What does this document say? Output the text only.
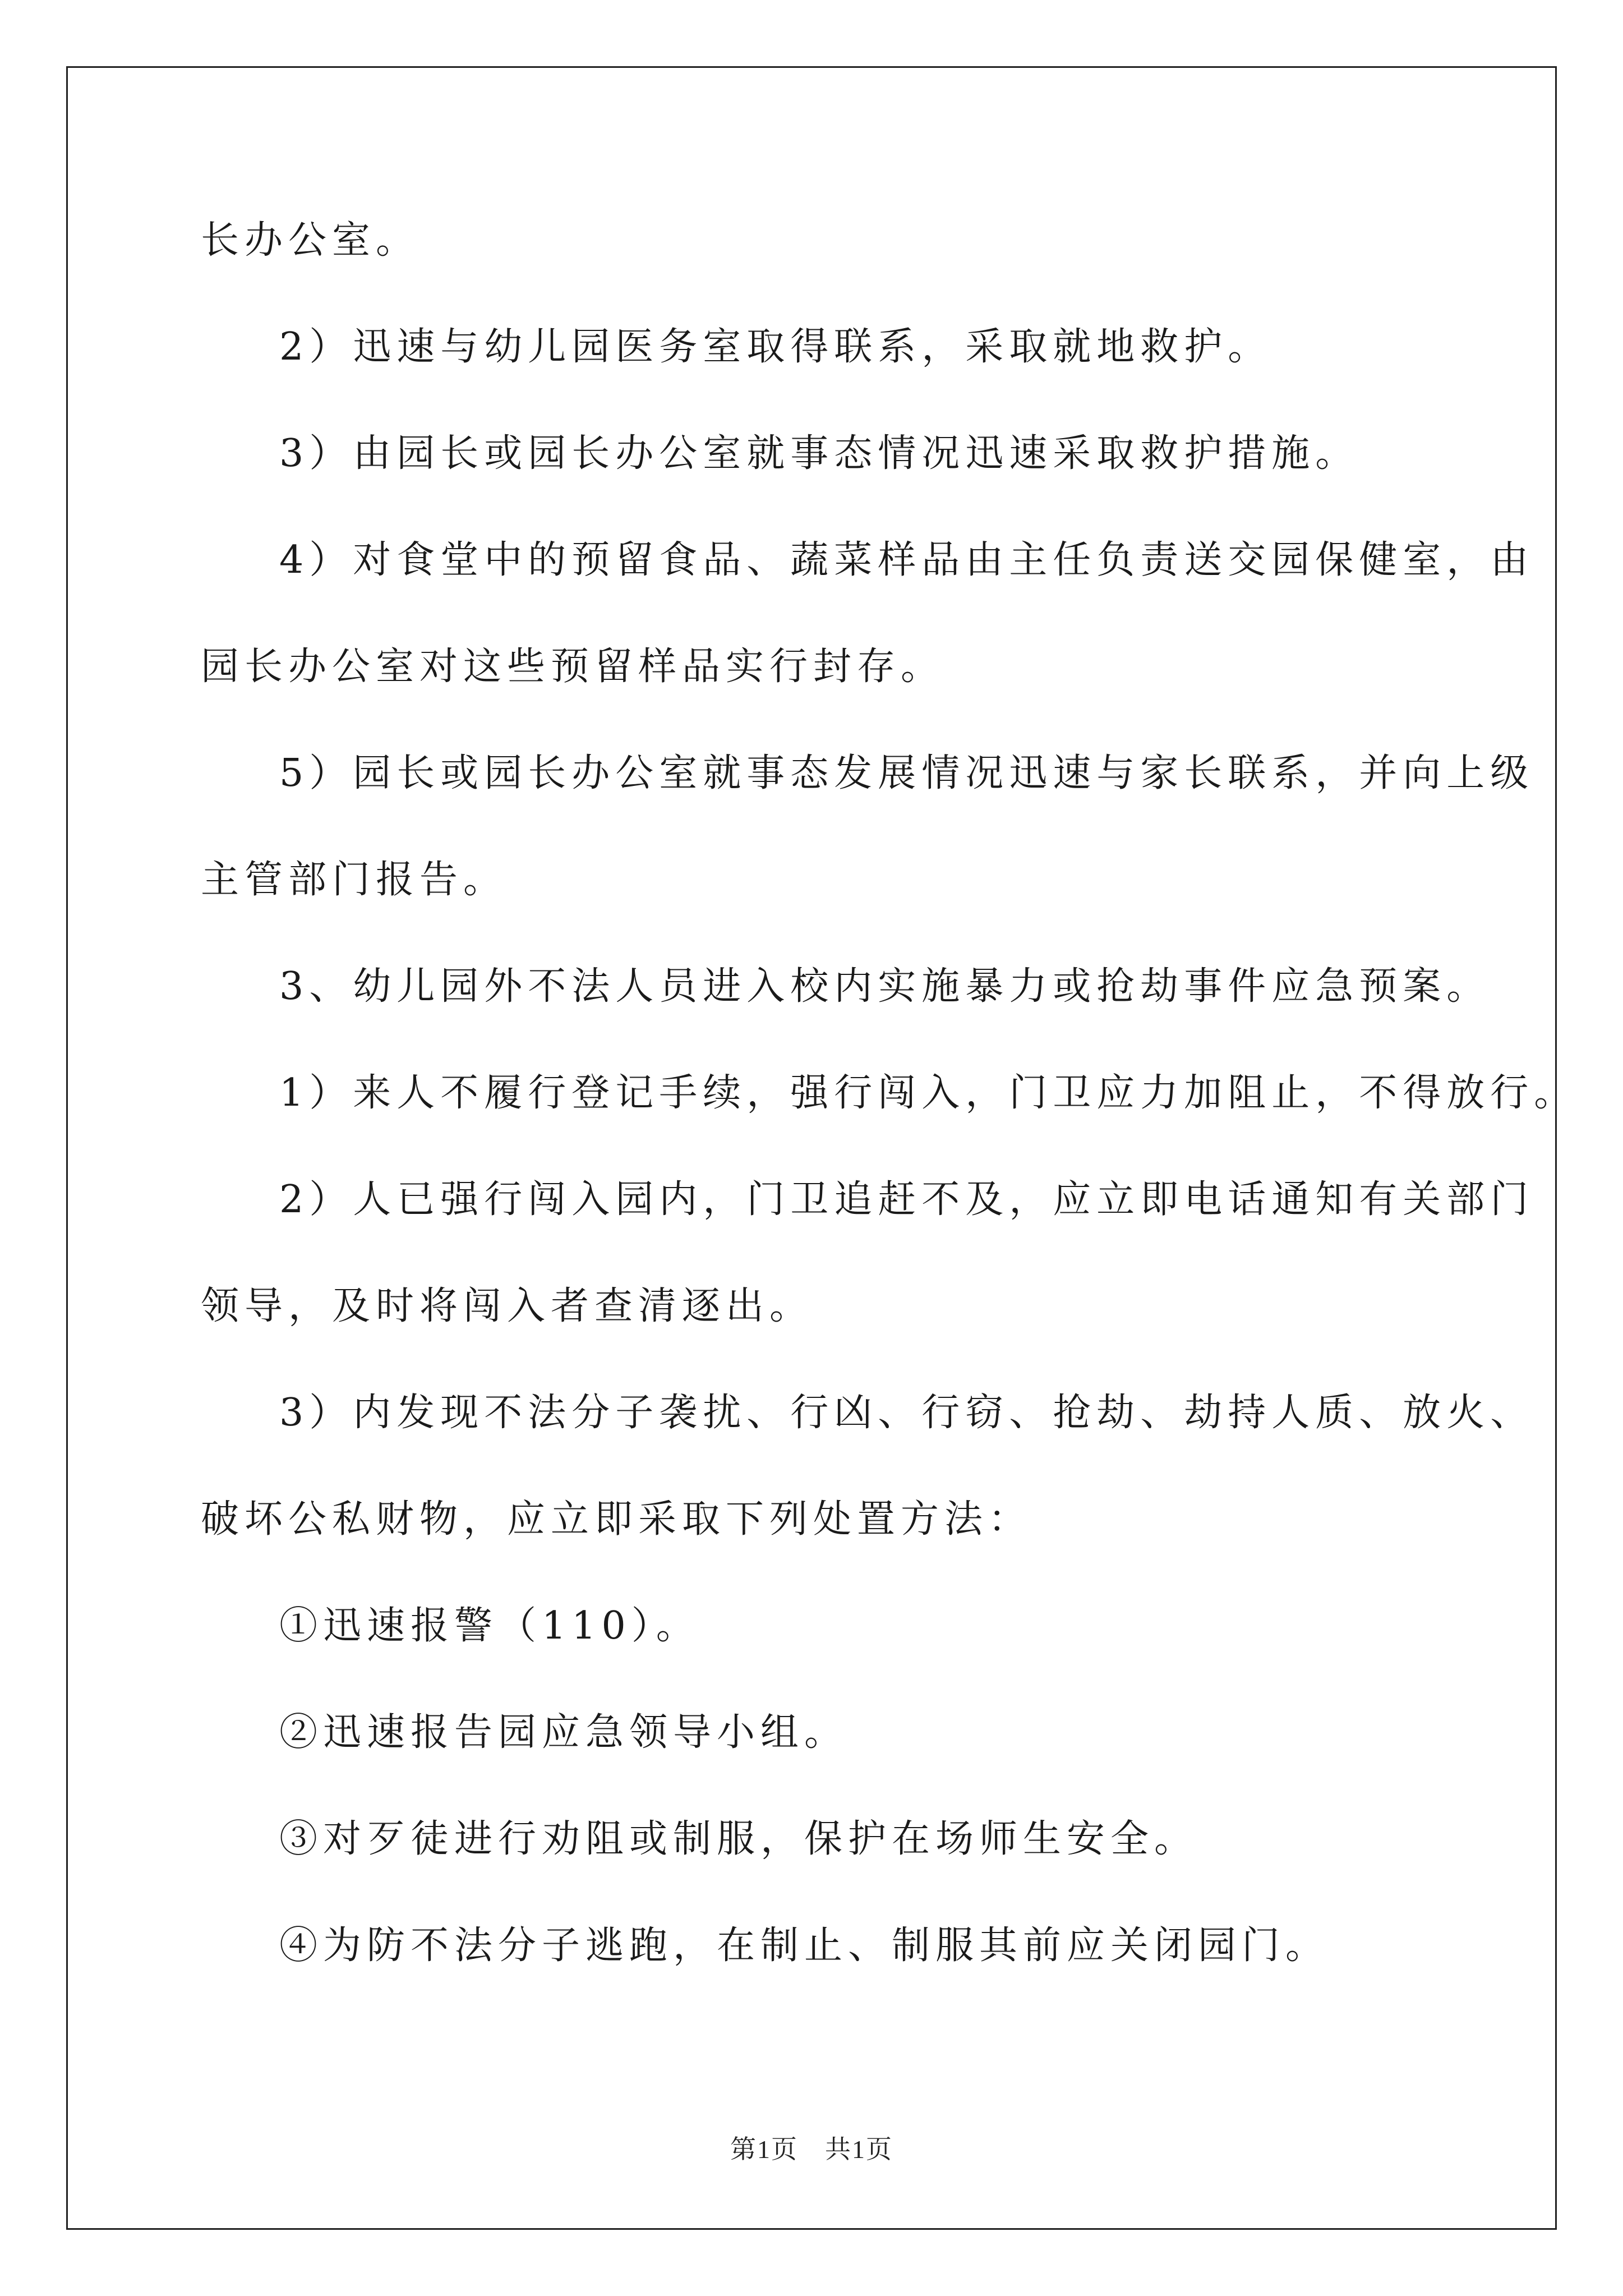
长办公室。
2）迅速与幼儿园医务室取得联系，采取就地救护。
3）由园长或园长办公室就事态情况迅速采取救护措施。
4）对食堂中的预留食品、蔬菜样品由主任负责送交园保健室，由
园长办公室对这些预留样品实行封存。
5）园长或园长办公室就事态发展情况迅速与家长联系，并向上级
主管部门报告。
3、幼儿园外不法人员进入校内实施暴力或抢劫事件应急预案。
1）来人不履行登记手续，强行闯入，门卫应力加阻止，不得放行。
2）人已强行闯入园内，门卫追赶不及，应立即电话通知有关部门
领导，及时将闯入者查清逐出。
3）内发现不法分子袭扰、行凶、行窃、抢劫、劫持人质、放火、
破坏公私财物，应立即采取下列处置方法：
①迅速报警（110）。
②迅速报告园应急领导小组。
③对歹徒进行劝阻或制服，保护在场师生安全。
④为防不法分子逃跑，在制止、制服其前应关闭园门。
第1页 共1页
